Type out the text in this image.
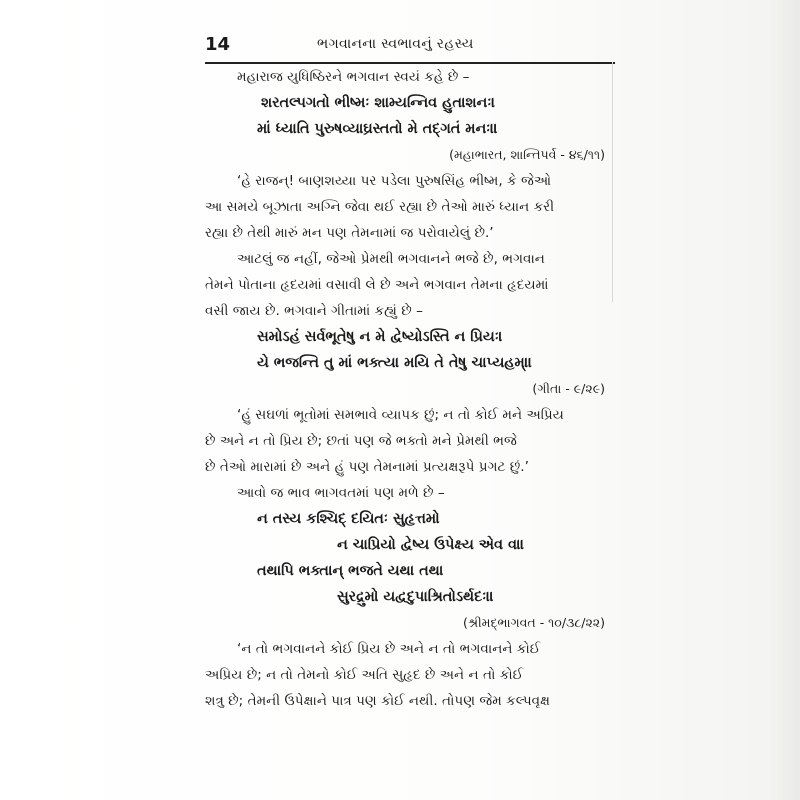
14	ભગવાનના સ્વભાવનું રહસ્ય
મહારાજ યુધિષ્ઠિરને ભગવાન સ્વયં કહે છે –
શરતલ્પગતો ભીષ્મઃ શામ્યન્નિવ હુતાશનઃ।
માં ધ્યાતિ પુરુષવ્યાઘ્રસ્તતો મે તદ્ગતં મનઃ॥
(મહાભારત, શાન્તિપર્વ - ૪૬/૧૧)
‘હે રાજન્! બાણશય્યા પર પડેલા પુરુષસિંહ ભીષ્મ, કે જેઓ
આ સમયે બૂઝાતા અગ્નિ જેવા થઈ રહ્યા છે તેઓ મારું ધ્યાન કરી
રહ્યા છે તેથી મારું મન પણ તેમનામાં જ પરોવાયેલું છે.’
આટલું જ નહીં, જેઓ પ્રેમથી ભગવાનને ભજે છે, ભગવાન
તેમને પોતાના હૃદયમાં વસાવી લે છે અને ભગવાન તેમના હૃદયમાં
વસી જાય છે. ભગવાને ગીતામાં કહ્યું છે –
સમોઽહં સર્વભૂતેષુ ન મે દ્વેષ્યોઽસ્તિ ન પ્રિયઃ।
યે ભજન્તિ તુ માં ભક્ત્યા મયિ તે તેષુ ચાપ્યહમ્॥
(ગીતા - ૯/૨૯)
‘હું સઘળાં ભૂતોમાં સમભાવે વ્યાપક છું; ન તો કોઈ મને અપ્રિય
છે અને ન તો પ્રિય છે; છતાં પણ જે ભક્તો મને પ્રેમથી ભજે
છે તેઓ મારામાં છે અને હું પણ તેમનામાં પ્રત્યક્ષરૂપે પ્રગટ છું.’
આવો જ ભાવ ભાગવતમાં પણ મળે છે –
ન તસ્ય કશ્ચિદ્ દયિતઃ સુહૃત્તમો
ન ચાપ્રિયો દ્વેષ્ય ઉપેક્ષ્ય એવ વા।
તથાપિ ભક્તાન્ ભજતે યથા તથા
સુરદ્રુમો યદ્વદુપાશ્રિતોઽર્થદઃ॥
(શ્રીમદ્ભાગવત - ૧૦/૩૮/૨૨)
‘ન તો ભગવાનને કોઈ પ્રિય છે અને ન તો ભગવાનને કોઈ
અપ્રિય છે; ન તો તેમનો કોઈ અતિ સુહૃદ છે અને ન તો કોઈ
શત્રુ છે; તેમની ઉપેક્ષાને પાત્ર પણ કોઈ નથી. તોપણ જેમ કલ્પવૃક્ષ
